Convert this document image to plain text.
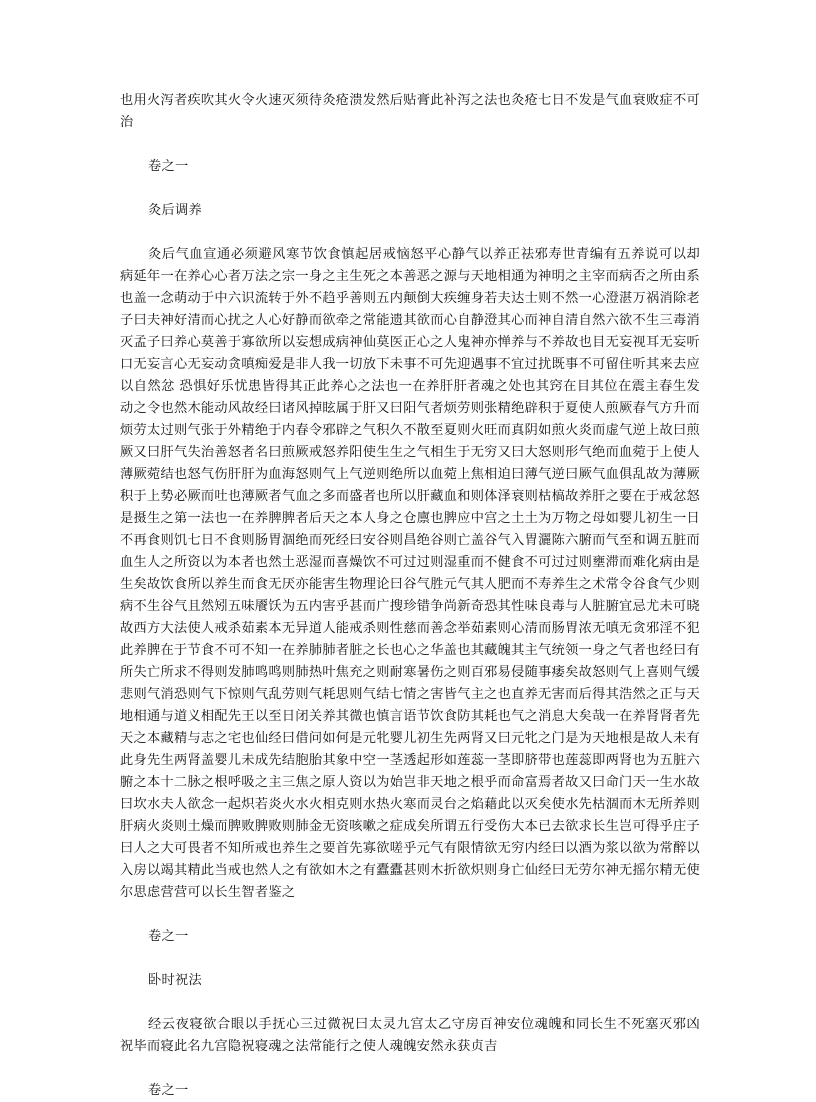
也用火泻者疾吹其火令火速灭须待灸疮溃发然后贴膏此补泻之法也灸疮七日不发是气血衰败症不可治

卷之一

灸后调养

灸后气血宣通必须避风寒节饮食慎起居戒恼怒平心静气以养正祛邪寿世青编有五养说可以却病延年一在养心心者万法之宗一身之主生死之本善恶之源与天地相通为神明之主宰而病否之所由系也盖一念萌动于中六识流转于外不趋乎善则五内颠倒大疾缠身若夫达士则不然一心澄湛万祸消除老子曰夫神好清而心扰之人心好静而欲牵之常能遗其欲而心自静澄其心而神自清自然六欲不生三毒消灭孟子曰养心莫善于寡欲所以妄想成病神仙莫医正心之人鬼神亦惮养与不养故也目无妄视耳无妄听口无妄言心无妄动贪嗔痴爱是非人我一切放下未事不可先迎遇事不宜过扰既事不可留住听其来去应以自然忿 恐惧好乐忧患皆得其正此养心之法也一在养肝肝者魂之处也其窍在目其位在震主春生发动之令也然木能动风故经曰诸风掉眩属于肝又曰阳气者烦劳则张精绝辟积于夏使人煎厥春气方升而烦劳太过则气张于外精绝于内春令邪辟之气积久不散至夏则火旺而真阴如煎火炎而虚气逆上故曰煎厥又曰肝气失治善怒者名曰煎厥戒怒养阳使生生之气相生于无穷又曰大怒则形气绝而血菀于上使人薄厥菀结也怒气伤肝肝为血海怒则气上气逆则绝所以血菀上焦相迫曰薄气逆曰厥气血俱乱故为薄厥积于上势必厥而吐也薄厥者气血之多而盛者也所以肝藏血和则体泽衰则枯槁故养肝之要在于戒忿怒是摄生之第一法也一在养脾脾者后天之本人身之仓廪也脾应中宫之土土为万物之母如婴儿初生一日不再食则饥七日不食则肠胃涸绝而死经曰安谷则昌绝谷则亡盖谷气入胃灑陈六腑而气至和调五脏而血生人之所资以为本者也然土恶湿而喜燥饮不可过过则湿重而不健食不可过过则壅滞而难化病由是生矣故饮食所以养生而食无厌亦能害生物理论曰谷气胜元气其人肥而不寿养生之术常令谷食气少则病不生谷气且然矧五味餍饫为五内害乎甚而广搜珍错争尚新奇恐其性味良毒与人脏腑宜忌尤未可晓故西方大法使人戒杀茹素本无异道人能戒杀则性慈而善念举茹素则心清而肠胃浓无嗔无贪邪淫不犯此养脾在于节食不可不知一在养肺肺者脏之长也心之华盖也其藏魄其主气统领一身之气者也经曰有所失亡所求不得则发肺鸣鸣则肺热叶焦充之则耐寒暑伤之则百邪易侵随事痿矣故怒则气上喜则气缓悲则气消恐则气下惊则气乱劳则气耗思则气结七情之害皆气主之也直养无害而后得其浩然之正与天地相通与道义相配先王以至日闭关养其微也慎言语节饮食防其耗也气之消息大矣哉一在养肾肾者先天之本藏精与志之宅也仙经曰借问如何是元牝婴儿初生先两肾又曰元牝之门是为天地根是故人未有此身先生两肾盖婴儿未成先结胞胎其象中空一茎透起形如莲蕊一茎即脐带也莲蕊即两肾也为五脏六腑之本十二脉之根呼吸之主三焦之原人资以为始岂非天地之根乎而命富焉者故又曰命门天一生水故曰坎水夫人欲念一起炽若炎火水火相克则水热火寒而灵台之焰藉此以灭矣使水先枯涸而木无所养则肝病火炎则土燥而脾败脾败则肺金无资咳嗽之症成矣所谓五行受伤大本已去欲求长生岂可得乎庄子曰人之大可畏者不知所戒也养生之要首先寡欲嗟乎元气有限情欲无穷内经曰以酒为浆以欲为常醉以入房以竭其精此当戒也然人之有欲如木之有蠹蠹甚则木折欲炽则身亡仙经曰无劳尔神无摇尔精无使尔思虑营营可以长生智者鉴之

卷之一

卧时祝法

经云夜寝欲合眼以手抚心三过微祝曰太灵九宫太乙守房百神安位魂魄和同长生不死塞灭邪凶祝毕而寝此名九宫隐祝寝魂之法常能行之使人魂魄安然永获贞吉

卷之一
